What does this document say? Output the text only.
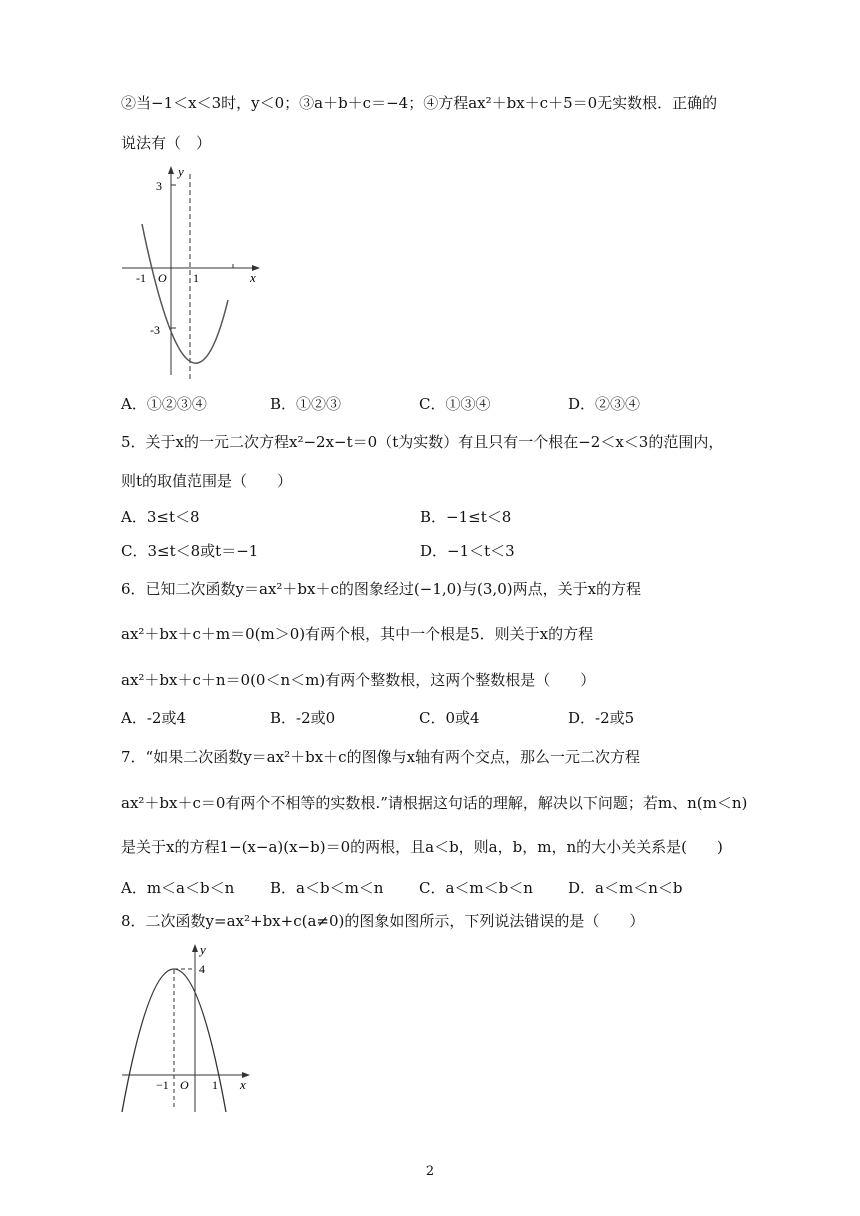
②当−1＜x＜3时，y＜0；③a＋b＋c＝−4；④方程ax²＋bx＋c＋5＝0无实数根．正确的
说法有（　）
y
x
3
-1 O 1
-3
A．①②③④	B．①②③	C．①③④	D．②③④
5．关于x的一元二次方程x²−2x−t＝0（t为实数）有且只有一个根在−2＜x＜3的范围内，
则t的取值范围是（　　）
A．3≤t＜8	B．−1≤t＜8
C．3≤t＜8或t＝−1	D．−1＜t＜3
6．已知二次函数y＝ax²＋bx＋c的图象经过(−1,0)与(3,0)两点，关于x的方程
ax²＋bx＋c＋m＝0(m＞0)有两个根，其中一个根是5．则关于x的方程
ax²＋bx＋c＋n＝0(0＜n＜m)有两个整数根，这两个整数根是（　　）
A．-2或4	B．-2或0	C．0或4	D．-2或5
7．“如果二次函数y＝ax²＋bx＋c的图像与x轴有两个交点，那么一元二次方程
ax²＋bx＋c＝0有两个不相等的实数根.”请根据这句话的理解，解决以下问题；若m、n(m＜n)
是关于x的方程1−(x−a)(x−b)＝0的两根，且a＜b，则a，b，m，n的大小关关系是(　　)
A．m＜a＜b＜n B．a＜b＜m＜n C．a＜m＜b＜n D．a＜m＜n＜b
8．二次函数y=ax²+bx+c(a≠0)的图象如图所示，下列说法错误的是（　　）
y
4
−1 O 1 x
2
